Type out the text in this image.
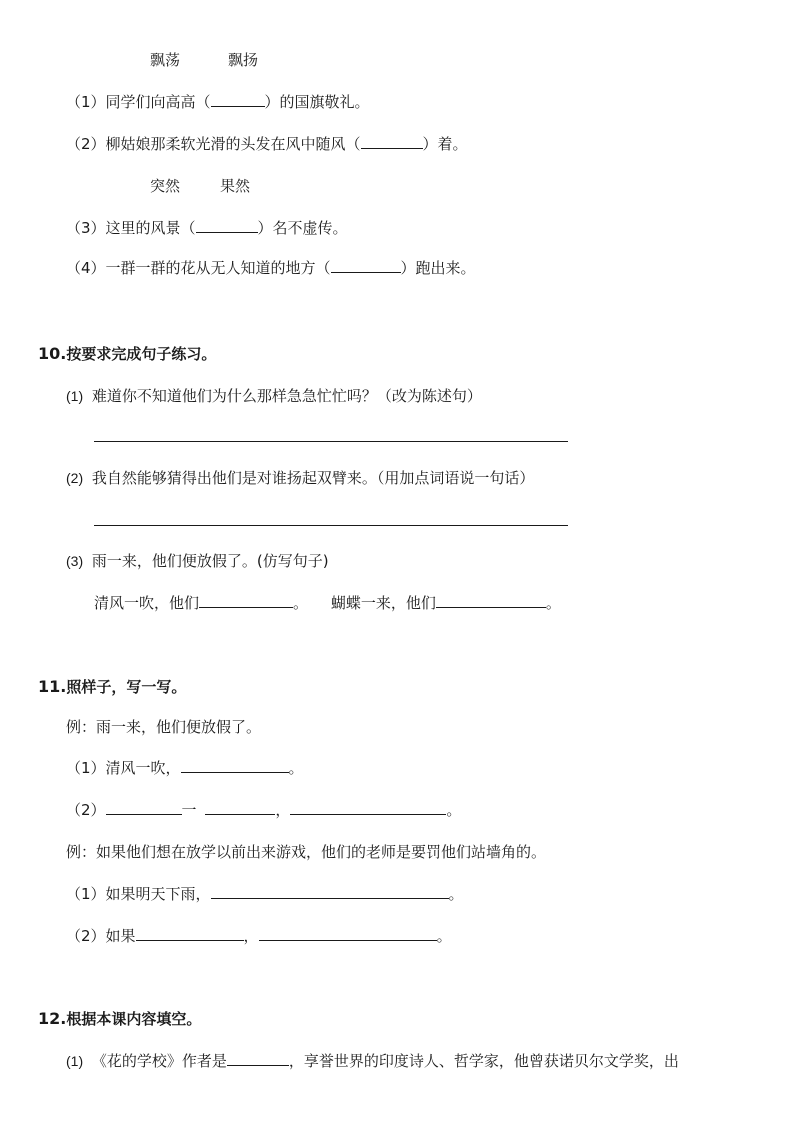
飘荡	飘扬
（1）同学们向高高（	）的国旗敬礼。
（2）柳姑娘那柔软光滑的头发在风中随风（	）着。
突然	果然
（3）这里的风景（	）名不虚传。
（4）一群一群的花从无人知道的地方（	）跑出来。
10.按要求完成句子练习。
(1) 难道你不知道他们为什么那样急急忙忙吗？（改为陈述句）
(2) 我自然能够猜得出他们是对谁扬起双臂来。（用加点词语说一句话）
(3) 雨一来，他们便放假了。(仿写句子)
清风一吹，他们	。 蝴蝶一来，他们	。
11.照样子，写一写。
例：雨一来，他们便放假了。
（1）清风一吹，	。
（2）	一	，	。
例：如果他们想在放学以前出来游戏，他们的老师是要罚他们站墙角的。
（1）如果明天下雨，	。
（2）如果	，	。
12.根据本课内容填空。
(1) 《花的学校》作者是	，享誉世界的印度诗人、哲学家，他曾获诺贝尔文学奖，出
